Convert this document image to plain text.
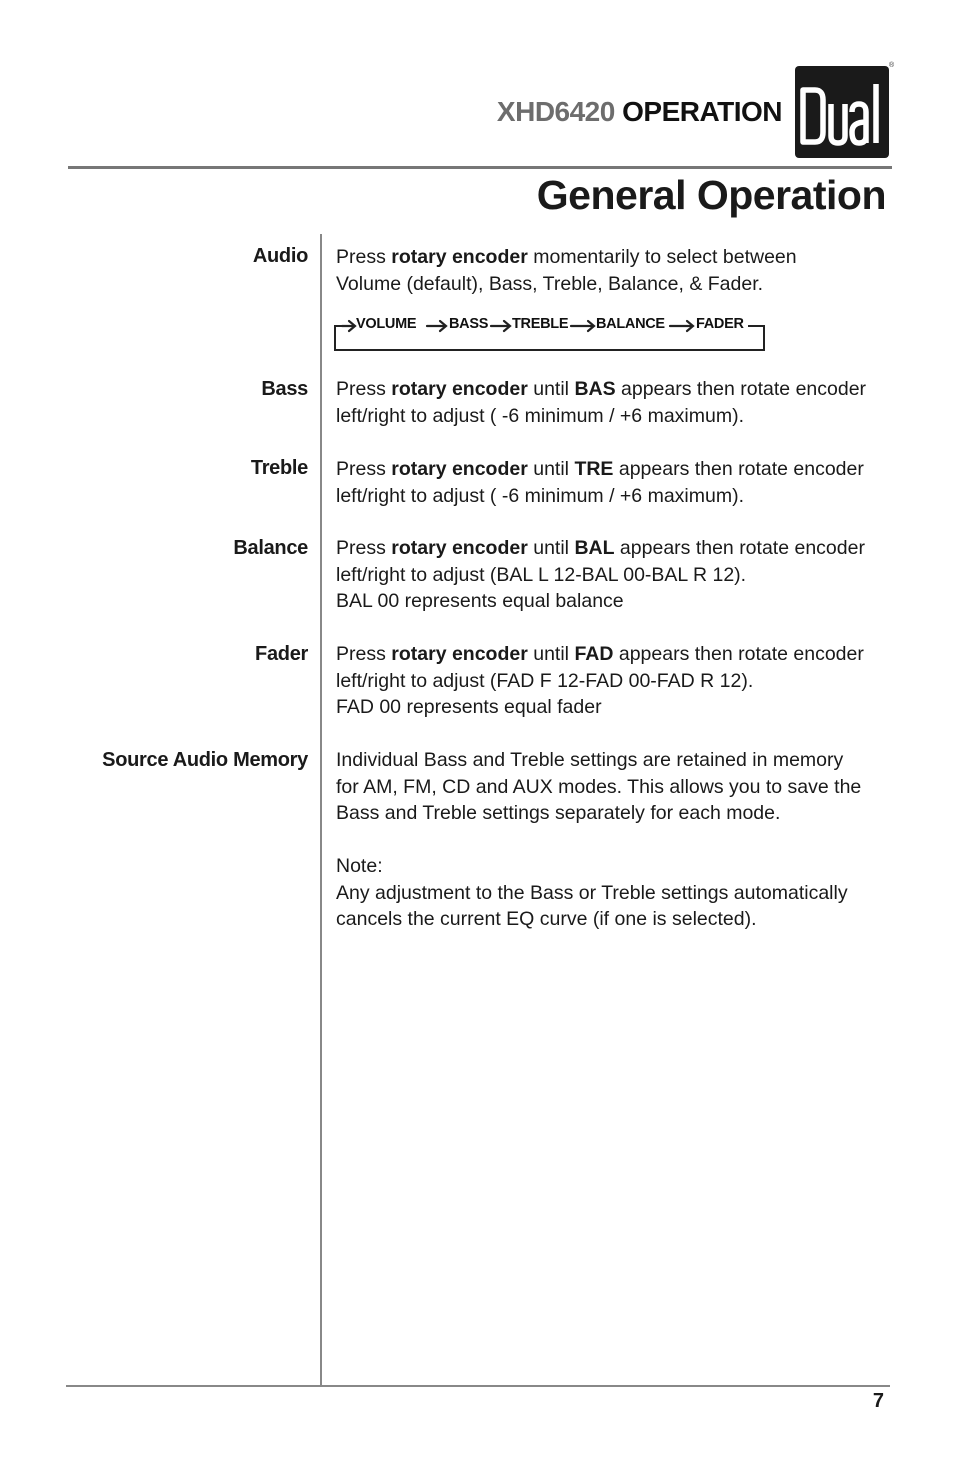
XHD6420 OPERATION
®
General Operation
Audio Press rotary encoder momentarily to select between
Volume (default), Bass, Treble, Balance, & Fader.
VOLUME BASS TREBLE BALANCE FADER
Bass Press rotary encoder until BAS appears then rotate encoder
left/right to adjust ( -6 minimum / +6 maximum).
Treble Press rotary encoder until TRE appears then rotate encoder
left/right to adjust ( -6 minimum / +6 maximum).
Balance Press rotary encoder until BAL appears then rotate encoder
left/right to adjust (BAL L 12-BAL 00-BAL R 12).
BAL 00 represents equal balance
Fader Press rotary encoder until FAD appears then rotate encoder
left/right to adjust (FAD F 12-FAD 00-FAD R 12).
FAD 00 represents equal fader
Source Audio Memory Individual Bass and Treble settings are retained in memory
for AM, FM, CD and AUX modes. This allows you to save the
Bass and Treble settings separately for each mode.
Note:
Any adjustment to the Bass or Treble settings automatically
cancels the current EQ curve (if one is selected).
7
